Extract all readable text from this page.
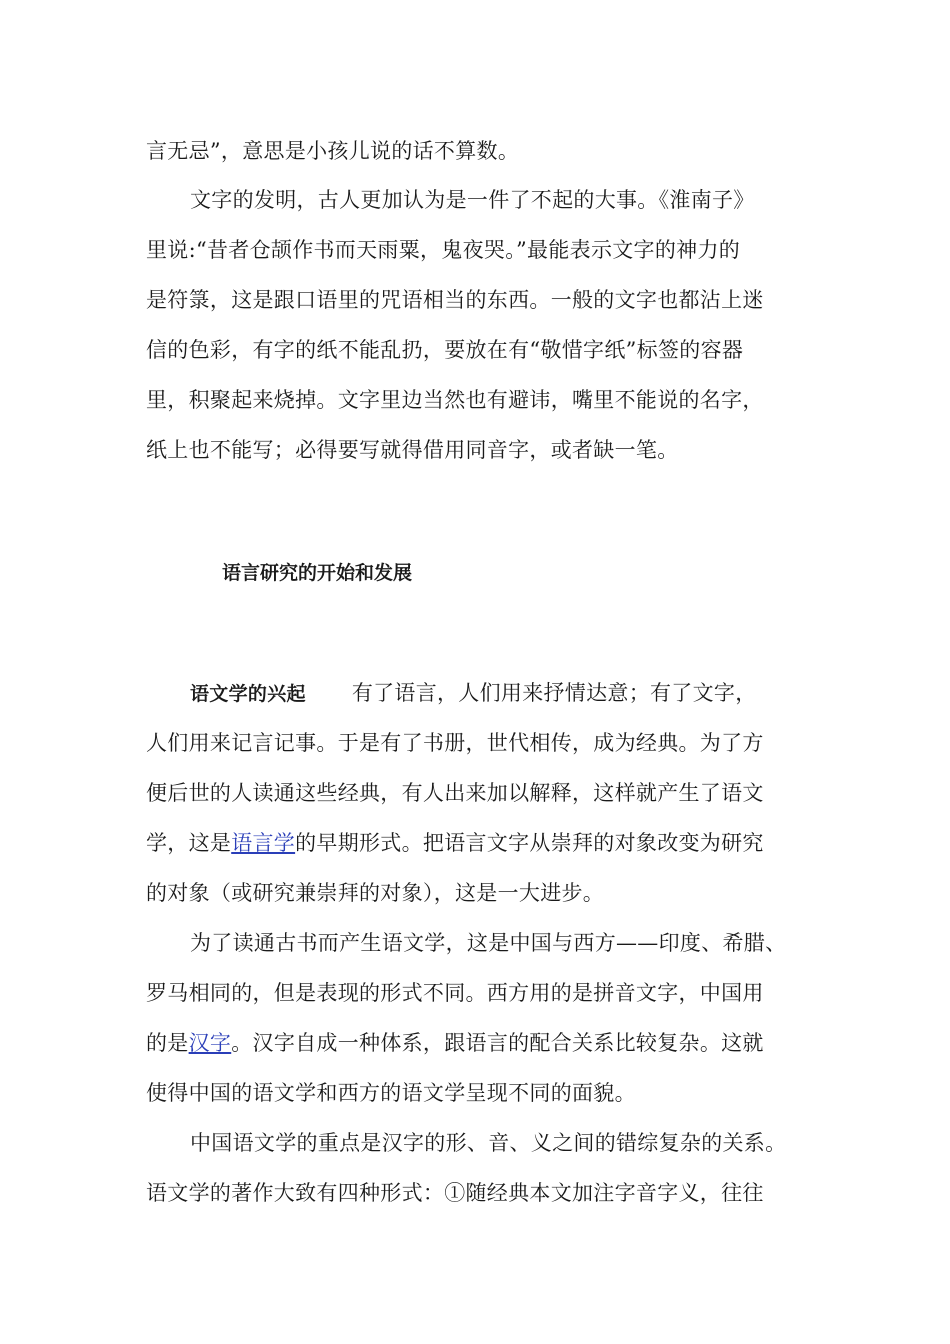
言无忌”，意思是小孩儿说的话不算数。
文字的发明，古人更加认为是一件了不起的大事。《淮南子》
里说:“昔者仓颉作书而天雨粟，鬼夜哭。”最能表示文字的神力的
是符箓，这是跟口语里的咒语相当的东西。一般的文字也都沾上迷
信的色彩，有字的纸不能乱扔，要放在有“敬惜字纸”标签的容器
里，积聚起来烧掉。文字里边当然也有避讳，嘴里不能说的名字，
纸上也不能写；必得要写就得借用同音字，或者缺一笔。
语言研究的开始和发展
语文学的兴起 有了语言，人们用来抒情达意；有了文字，
人们用来记言记事。于是有了书册，世代相传，成为经典。为了方
便后世的人读通这些经典，有人出来加以解释，这样就产生了语文
学，这是语言学的早期形式。把语言文字从崇拜的对象改变为研究
的对象（或研究兼崇拜的对象），这是一大进步。
为了读通古书而产生语文学，这是中国与西方——印度、希腊、
罗马相同的，但是表现的形式不同。西方用的是拼音文字，中国用
的是汉字。汉字自成一种体系，跟语言的配合关系比较复杂。这就
使得中国的语文学和西方的语文学呈现不同的面貌。
中国语文学的重点是汉字的形、音、义之间的错综复杂的关系。
语文学的著作大致有四种形式：①随经典本文加注字音字义，往往
